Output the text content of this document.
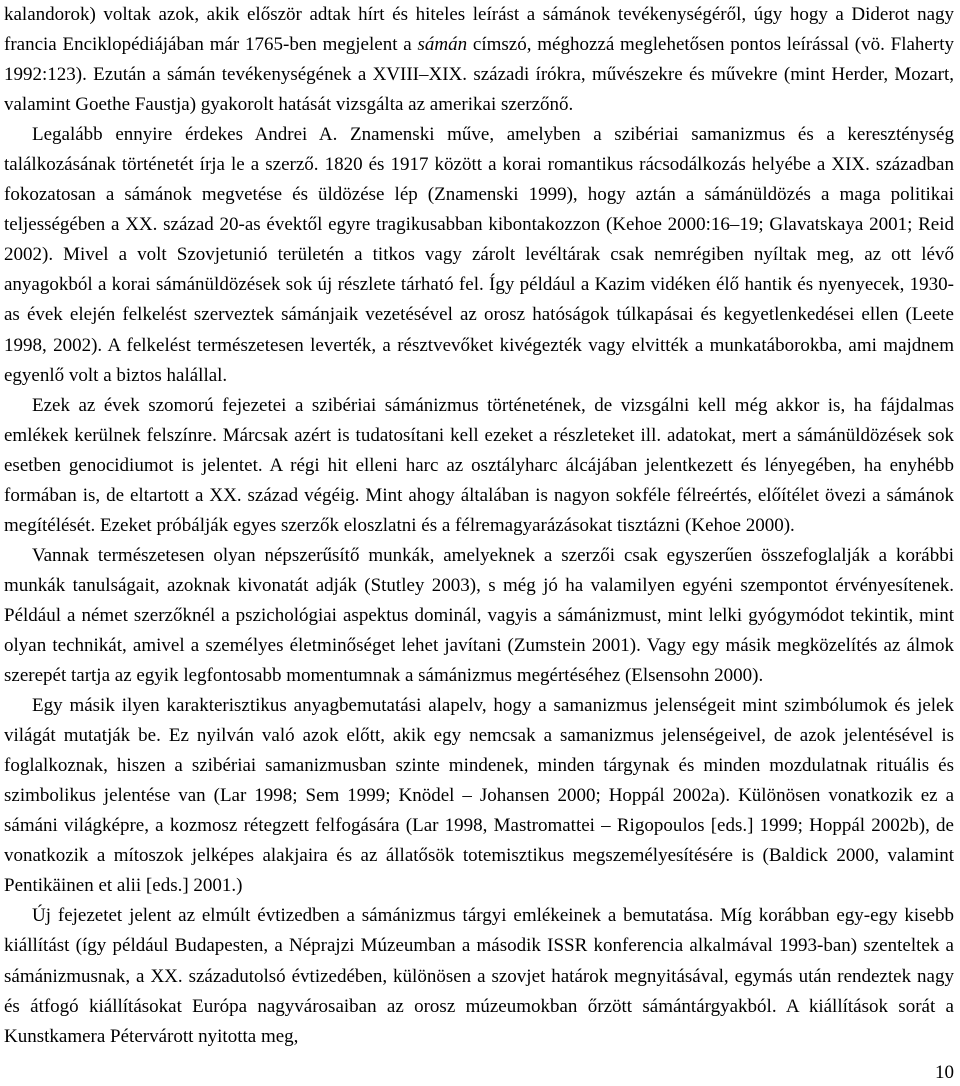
kalandorok) voltak azok, akik először adtak hírt és hiteles leírást a sámánok tevékenységéről, úgy hogy a Diderot nagy francia Enciklopédiájában már 1765-ben megjelent a sámán címszó, méghozzá meglehetősen pontos leírással (vö. Flaherty 1992:123). Ezután a sámán tevékenységének a XVIII–XIX. századi írókra, művészekre és művekre (mint Herder, Mozart, valamint Goethe Faustja) gyakorolt hatását vizsgálta az amerikai szerzőnő.

Legalább ennyire érdekes Andrei A. Znamenski műve, amelyben a szibériai samanizmus és a kereszténység találkozásának történetét írja le a szerző. 1820 és 1917 között a korai romantikus rácsodálkozás helyébe a XIX. században fokozatosan a sámánok megvetése és üldözése lép (Znamenski 1999), hogy aztán a sámánüldözés a maga politikai teljességében a XX. század 20-as évektől egyre tragikusabban kibontakozzon (Kehoe 2000:16–19; Glavatskaya 2001; Reid 2002). Mivel a volt Szovjetunió területén a titkos vagy zárolt levéltárak csak nemrégiben nyíltak meg, az ott lévő anyagokból a korai sámánüldözések sok új részlete tárható fel. Így például a Kazim vidéken élő hantik és nyenyecek, 1930-as évek elején felkelést szerveztek sámánjaik vezetésével az orosz hatóságok túlkapásai és kegyetlenkedései ellen (Leete 1998, 2002). A felkelést természetesen leverték, a résztvevőket kivégezték vagy elvitték a munkatáborokba, ami majdnem egyenlő volt a biztos halállal.

Ezek az évek szomorú fejezetei a szibériai sámánizmus történetének, de vizsgálni kell még akkor is, ha fájdalmas emlékek kerülnek felszínre. Márcsak azért is tudatosítani kell ezeket a részleteket ill. adatokat, mert a sámánüldözések sok esetben genocidiumot is jelentet. A régi hit elleni harc az osztályharc álcájában jelentkezett és lényegében, ha enyhébb formában is, de eltartott a XX. század végéig. Mint ahogy általában is nagyon sokféle félreértés, előítélet övezi a sámánok megítélését. Ezeket próbálják egyes szerzők eloszlatni és a félremagyarázásokat tisztázni (Kehoe 2000).

Vannak természetesen olyan népszerűsítő munkák, amelyeknek a szerzői csak egyszerűen összefoglalják a korábbi munkák tanulságait, azoknak kivonatát adják (Stutley 2003), s még jó ha valamilyen egyéni szempontot érvényesítenek. Például a német szerzőknél a pszichológiai aspektus dominál, vagyis a sámánizmust, mint lelki gyógymódot tekintik, mint olyan technikát, amivel a személyes életminőséget lehet javítani (Zumstein 2001). Vagy egy másik megközelítés az álmok szerepét tartja az egyik legfontosabb momentumnak a sámánizmus megértéséhez (Elsensohn 2000).

Egy másik ilyen karakterisztikus anyagbemutatási alapelv, hogy a samanizmus jelenségeit mint szimbólumok és jelek világát mutatják be. Ez nyilván való azok előtt, akik egy nemcsak a samanizmus jelenségeivel, de azok jelentésével is foglalkoznak, hiszen a szibériai samanizmusban szinte mindenek, minden tárgynak és minden mozdulatnak rituális és szimbolikus jelentése van (Lar 1998; Sem 1999; Knödel – Johansen 2000; Hoppál 2002a). Különösen vonatkozik ez a sámáni világképre, a kozmosz rétegzett felfogására (Lar 1998, Mastromattei – Rigopoulos [eds.] 1999; Hoppál 2002b), de vonatkozik a mítoszok jelképes alakjaira és az állatősök totemisztikus megszemélyesítésére is (Baldick 2000, valamint Pentikäinen et alii [eds.] 2001.)

Új fejezetet jelent az elmúlt évtizedben a sámánizmus tárgyi emlékeinek a bemutatása. Míg korábban egy-egy kisebb kiállítást (így például Budapesten, a Néprajzi Múzeumban a második ISSR konferencia alkalmával 1993-ban) szenteltek a sámánizmusnak, a XX. századutolsó évtizedében, különösen a szovjet határok megnyitásával, egymás után rendeztek nagy és átfogó kiállításokat Európa nagyvárosaiban az orosz múzeumokban őrzött sámántárgyakból. A kiállítások sorát a Kunstkamera Pétervárott nyitotta meg,

10
